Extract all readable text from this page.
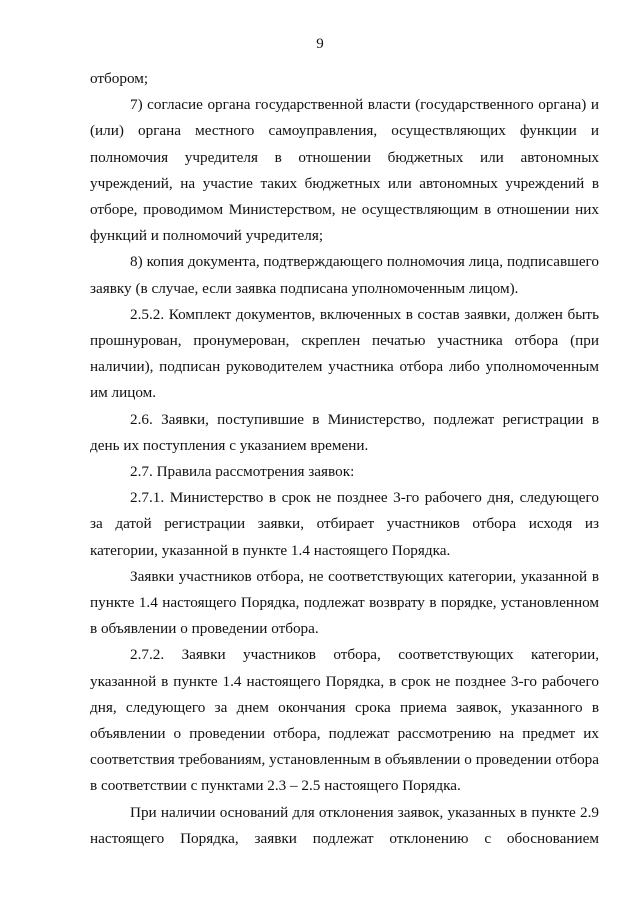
9

отбором;

7) согласие органа государственной власти (государственного органа) и (или) органа местного самоуправления, осуществляющих функции и полномочия учредителя в отношении бюджетных или автономных учреждений, на участие таких бюджетных или автономных учреждений в отборе, проводимом Министерством, не осуществляющим в отношении них функций и полномочий учредителя;

8) копия документа, подтверждающего полномочия лица, подписавшего заявку (в случае, если заявка подписана уполномоченным лицом).

2.5.2. Комплект документов, включенных в состав заявки, должен быть прошнурован, пронумерован, скреплен печатью участника отбора (при наличии), подписан руководителем участника отбора либо уполномоченным им лицом.

2.6. Заявки, поступившие в Министерство, подлежат регистрации в день их поступления с указанием времени.

2.7. Правила рассмотрения заявок:

2.7.1. Министерство в срок не позднее 3-го рабочего дня, следующего за датой регистрации заявки, отбирает участников отбора исходя из категории, указанной в пункте 1.4 настоящего Порядка.

Заявки участников отбора, не соответствующих категории, указанной в пункте 1.4 настоящего Порядка, подлежат возврату в порядке, установленном в объявлении о проведении отбора.

2.7.2. Заявки участников отбора, соответствующих категории, указанной в пункте 1.4 настоящего Порядка, в срок не позднее 3-го рабочего дня, следующего за днем окончания срока приема заявок, указанного в объявлении о проведении отбора, подлежат рассмотрению на предмет их соответствия требованиям, установленным в объявлении о проведении отбора в соответствии с пунктами 2.3 – 2.5 настоящего Порядка.

При наличии оснований для отклонения заявок, указанных в пункте 2.9 настоящего Порядка, заявки подлежат отклонению с обоснованием
